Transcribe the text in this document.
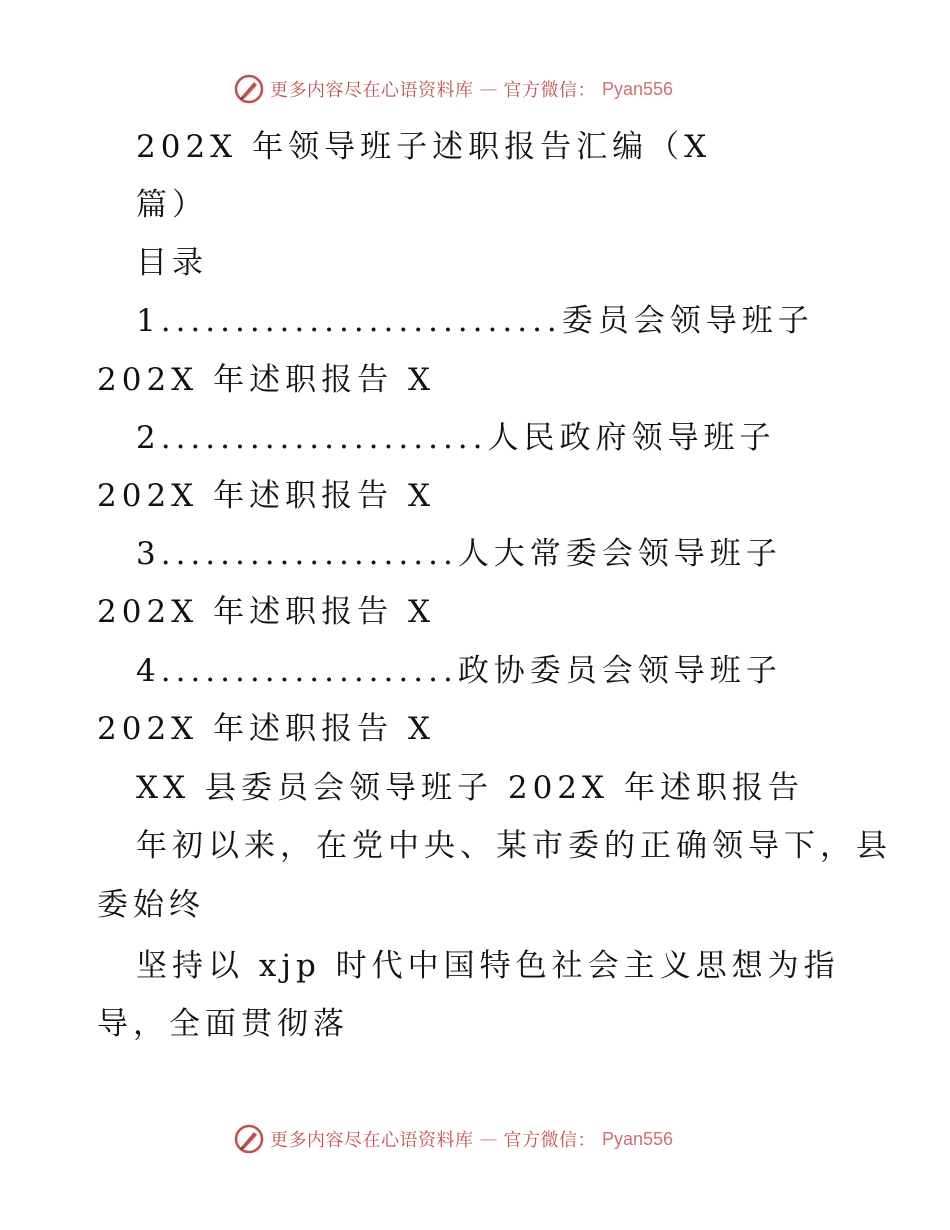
更多内容尽在心语资料库 — 官方微信： Pyan556
202X 年领导班子述职报告汇编（X
篇）
目录
1...........................委员会领导班子
202X 年述职报告 X
2......................人民政府领导班子
202X 年述职报告 X
3....................人大常委会领导班子
202X 年述职报告 X
4....................政协委员会领导班子
202X 年述职报告 X
XX 县委员会领导班子 202X 年述职报告
年初以来，在党中央、某市委的正确领导下，县
委始终
坚持以 xjp 时代中国特色社会主义思想为指
导，全面贯彻落
更多内容尽在心语资料库 — 官方微信： Pyan556
